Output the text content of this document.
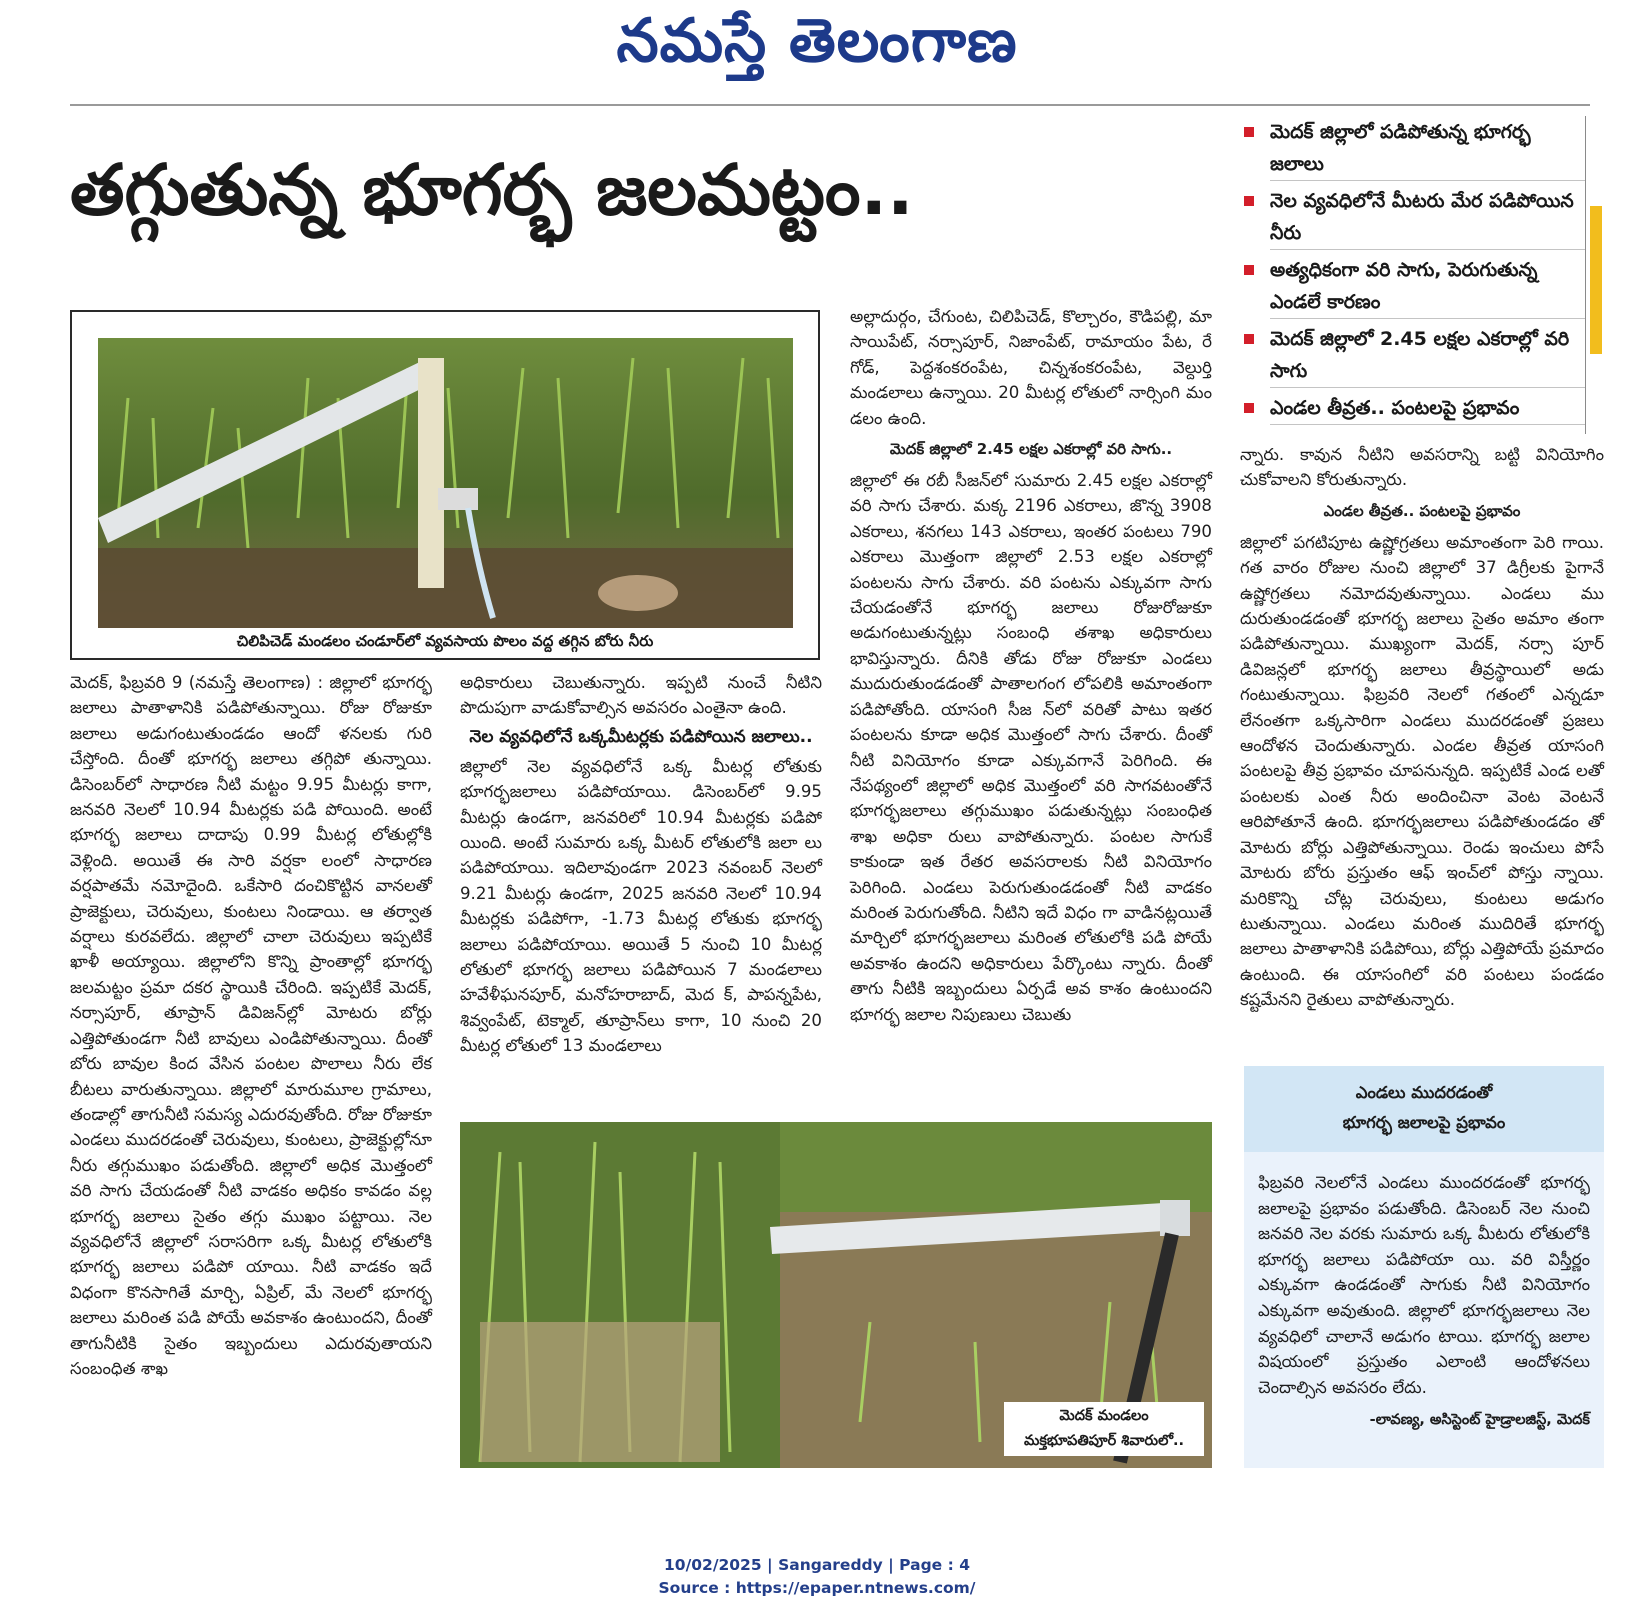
నమస్తే తెలంగాణ
తగ్గుతున్న భూగర్భ జలమట్టం..
మెదక్ జిల్లాలో పడిపోతున్న భూగర్భ జలాలు
నెల వ్యవధిలోనే మీటరు మేర పడిపోయిన నీరు
అత్యధికంగా వరి సాగు, పెరుగుతున్న ఎండలే కారణం
మెదక్ జిల్లాలో 2.45 లక్షల ఎకరాల్లో వరి సాగు
ఎండల తీవ్రత.. పంటలపై ప్రభావం
చిలిపిచెడ్ మండలం చండూర్‌లో వ్యవసాయ పొలం వద్ద తగ్గిన బోరు నీరు
మెదక్, ఫిబ్రవరి 9 (నమస్తే తెలంగాణ) : జిల్లాలో భూగర్భ జలాలు పాతాళానికి పడిపోతున్నాయి. రోజు రోజుకూ జలాలు అడుగంటుతుండడం ఆందో ళనలకు గురి చేస్తోంది. దీంతో భూగర్భ జలాలు తగ్గిపో తున్నాయి. డిసెంబర్‌లో సాధారణ నీటి మట్టం 9.95 మీటర్లు కాగా, జనవరి నెలలో 10.94 మీటర్లకు పడి పోయింది. అంటే భూగర్భ జలాలు దాదాపు 0.99 మీటర్ల లోతుల్లోకి వెళ్లింది. అయితే ఈ సారి వర్షకా లంలో సాధారణ వర్షపాతమే నమోదైంది. ఒకేసారి దంచికొట్టిన వానలతో ప్రాజెక్టులు, చెరువులు, కుంటలు నిండాయి. ఆ తర్వాత వర్షాలు కురవలేదు. జిల్లాలో చాలా చెరువులు ఇప్పటికే ఖాళీ అయ్యాయి. జిల్లాలోని కొన్ని ప్రాంతాల్లో భూగర్భ జలమట్టం ప్రమా దకర స్థాయికి చేరింది. ఇప్పటికే మెదక్, నర్సాపూర్, తూప్రాన్ డివిజన్‌ల్లో మోటరు బోర్లు ఎత్తిపోతుండగా నీటి బావులు ఎండిపోతున్నాయి. దీంతో బోరు బావుల కింద వేసిన పంటల పొలాలు నీరు లేక బీటలు వారుతున్నాయి. జిల్లాలో మారుమూల గ్రామాలు, తండాల్లో తాగునీటి సమస్య ఎదురవుతోంది. రోజు రోజుకూ ఎండలు ముదరడంతో చెరువులు, కుంటలు, ప్రాజెక్టుల్లోనూ నీరు తగ్గుముఖం పడుతోంది. జిల్లాలో అధిక మొత్తంలో వరి సాగు చేయడంతో నీటి వాడకం అధికం కావడం వల్ల భూగర్భ జలాలు సైతం తగ్గు ముఖం పట్టాయి. నెల వ్యవధిలోనే జిల్లాలో సరాసరిగా ఒక్క మీటర్ల లోతులోకి భూగర్భ జలాలు పడిపో యాయి. నీటి వాడకం ఇదే విధంగా కొనసాగితే మార్చి, ఏప్రిల్, మే నెలలో భూగర్భ జలాలు మరింత పడి పోయే అవకాశం ఉంటుందని, దీంతో తాగునీటికి సైతం ఇబ్బందులు ఎదురవుతాయని సంబంధిత శాఖ
అధికారులు చెబుతున్నారు. ఇప్పటి నుంచే నీటిని పొదుపుగా వాడుకోవాల్సిన అవసరం ఎంతైనా ఉంది.
నెల వ్యవధిలోనే ఒక్కమీటర్లకు పడిపోయిన జలాలు..
జిల్లాలో నెల వ్యవధిలోనే ఒక్క మీటర్ల లోతుకు భూగర్భజలాలు పడిపోయాయి. డిసెంబర్‌లో 9.95 మీటర్లు ఉండగా, జనవరిలో 10.94 మీటర్లకు పడిపో యింది. అంటే సుమారు ఒక్క మీటర్ లోతులోకి జలా లు పడిపోయాయి. ఇదిలావుండగా 2023 నవంబర్ నెలలో 9.21 మీటర్లు ఉండగా, 2025 జనవరి నెలలో 10.94 మీటర్లకు పడిపోగా, -1.73 మీటర్ల లోతుకు భూగర్భ జలాలు పడిపోయాయి. అయితే 5 నుంచి 10 మీటర్ల లోతులో భూగర్భ జలాలు పడిపోయిన 7 మండలాలు హవేళీఘనపూర్, మనోహరాబాద్, మెద క్, పాపన్నపేట, శివ్వంపేట్, టెక్మాల్, తూప్రాన్‌లు కాగా, 10 నుంచి 20 మీటర్ల లోతులో 13 మండలాలు
అల్లాదుర్గం, చేగుంట, చిలిపిచెడ్, కొల్చారం, కౌడిపల్లి, మా సాయిపేట్, నర్సాపూర్, నిజాంపేట్, రామాయం పేట, రే గోడ్, పెద్దశంకరంపేట, చిన్నశంకరంపేట, వెల్దుర్తి మండలాలు ఉన్నాయి. 20 మీటర్ల లోతులో నార్సింగి మం డలం ఉంది.
మెదక్ జిల్లాలో 2.45 లక్షల ఎకరాల్లో వరి సాగు..
జిల్లాలో ఈ రబీ సీజన్‌లో సుమారు 2.45 లక్షల ఎకరాల్లో వరి సాగు చేశారు. మక్క 2196 ఎకరాలు, జొన్న 3908 ఎకరాలు, శనగలు 143 ఎకరాలు, ఇంతర పంటలు 790 ఎకరాలు మొత్తంగా జిల్లాలో 2.53 లక్షల ఎకరాల్లో పంటలను సాగు చేశారు. వరి పంటను ఎక్కువగా సాగు చేయడంతోనే భూగర్భ జలాలు రోజురోజుకూ అడుగంటుతున్నట్లు సంబంధి తశాఖ అధికారులు భావిస్తున్నారు. దీనికి తోడు రోజు రోజుకూ ఎండలు ముదురుతుండడంతో పాతాలగంగ లోపలికి అమాంతంగా పడిపోతోంది. యాసంగి సీజ న్‌లో వరితో పాటు ఇతర పంటలను కూడా అధిక మొత్తంలో సాగు చేశారు. దీంతో నీటి వినియోగం కూడా ఎక్కువగానే పెరిగింది. ఈ నేపథ్యంలో జిల్లాలో అధిక మొత్తంలో వరి సాగవటంతోనే భూగర్భజలాలు తగ్గుముఖం పడుతున్నట్లు సంబంధిత శాఖ అధికా రులు వాపోతున్నారు. పంటల సాగుకే కాకుండా ఇత రేతర అవసరాలకు నీటి వినియోగం పెరిగింది. ఎండలు పెరుగుతుండడంతో నీటి వాడకం మరింత పెరుగుతోంది. నీటిని ఇదే విధం గా వాడినట్లయితే మార్చిలో భూగర్భజలాలు మరింత లోతులోకి పడి పోయే అవకాశం ఉందని అధికారులు పేర్కొంటు న్నారు. దీంతో తాగు నీటికి ఇబ్బందులు ఏర్పడే అవ కాశం ఉంటుందని భూగర్భ జలాల నిపుణులు చెబుతు
న్నారు. కావున నీటిని అవసరాన్ని బట్టి వినియోగిం చుకోవాలని కోరుతున్నారు.
ఎండల తీవ్రత.. పంటలపై ప్రభావం
జిల్లాలో పగటిపూట ఉష్ణోగ్రతలు అమాంతంగా పెరి గాయి. గత వారం రోజుల నుంచి జిల్లాలో 37 డిగ్రీలకు పైగానే ఉష్ణోగ్రతలు నమోదవుతున్నాయి. ఎండలు ము దురుతుండడంతో భూగర్భ జలాలు సైతం అమాం తంగా పడిపోతున్నాయి. ముఖ్యంగా మెదక్, నర్సా పూర్ డివిజన్లలో భూగర్భ జలాలు తీవ్రస్థాయిలో అడు గంటుతున్నాయి. ఫిబ్రవరి నెలలో గతంలో ఎన్నడూ లేనంతగా ఒక్కసారిగా ఎండలు ముదరడంతో ప్రజలు ఆందోళన చెందుతున్నారు. ఎండల తీవ్రత యాసంగి పంటలపై తీవ్ర ప్రభావం చూపనున్నది. ఇప్పటికే ఎండ లతో పంటలకు ఎంత నీరు అందించినా వెంట వెంటనే ఆరిపోతూనే ఉంది. భూగర్భజలాలు పడిపోతుండడం తో మోటరు బోర్లు ఎత్తిపోతున్నాయి. రెండు ఇంచులు పోసే మోటరు బోరు ప్రస్తుతం ఆఫ్ ఇంచ్‌లో పోస్తు న్నాయి. మరికొన్ని చోట్ల చెరువులు, కుంటలు అడుగం టుతున్నాయి. ఎండలు మరింత ముదిరితే భూగర్భ జలాలు పాతాళానికి పడిపోయి, బోర్లు ఎత్తిపోయే ప్రమాదం ఉంటుంది. ఈ యాసంగిలో వరి పంటలు పండడం కష్టమేనని రైతులు వాపోతున్నారు.
మెదక్ మండలం
మక్తభూపతిపూర్ శివారులో..
ఎండలు ముదరడంతో
భూగర్భ జలాలపై ప్రభావం
ఫిబ్రవరి నెలలోనే ఎండలు ముందరడంతో భూగర్భ జలాలపై ప్రభావం పడుతోంది. డిసెంబర్ నెల నుంచి జనవరి నెల వరకు సుమారు ఒక్క మీటరు లోతులోకి భూగర్భ జలాలు పడిపోయా యి. వరి విస్తీర్ణం ఎక్కువగా ఉండడంతో సాగుకు నీటి వినియోగం ఎక్కువగా అవుతుంది. జిల్లాలో భూగర్భజలాలు నెల వ్యవధిలో చాలానే అడుగం టాయి. భూగర్భ జలాల విషయంలో ప్రస్తుతం ఎలాంటి ఆందోళనలు చెందాల్సిన అవసరం లేదు.
-లావణ్య, అసిస్టెంట్ హైడ్రాలజిస్ట్, మెదక్
10/02/2025 | Sangareddy | Page : 4
Source : https://epaper.ntnews.com/
